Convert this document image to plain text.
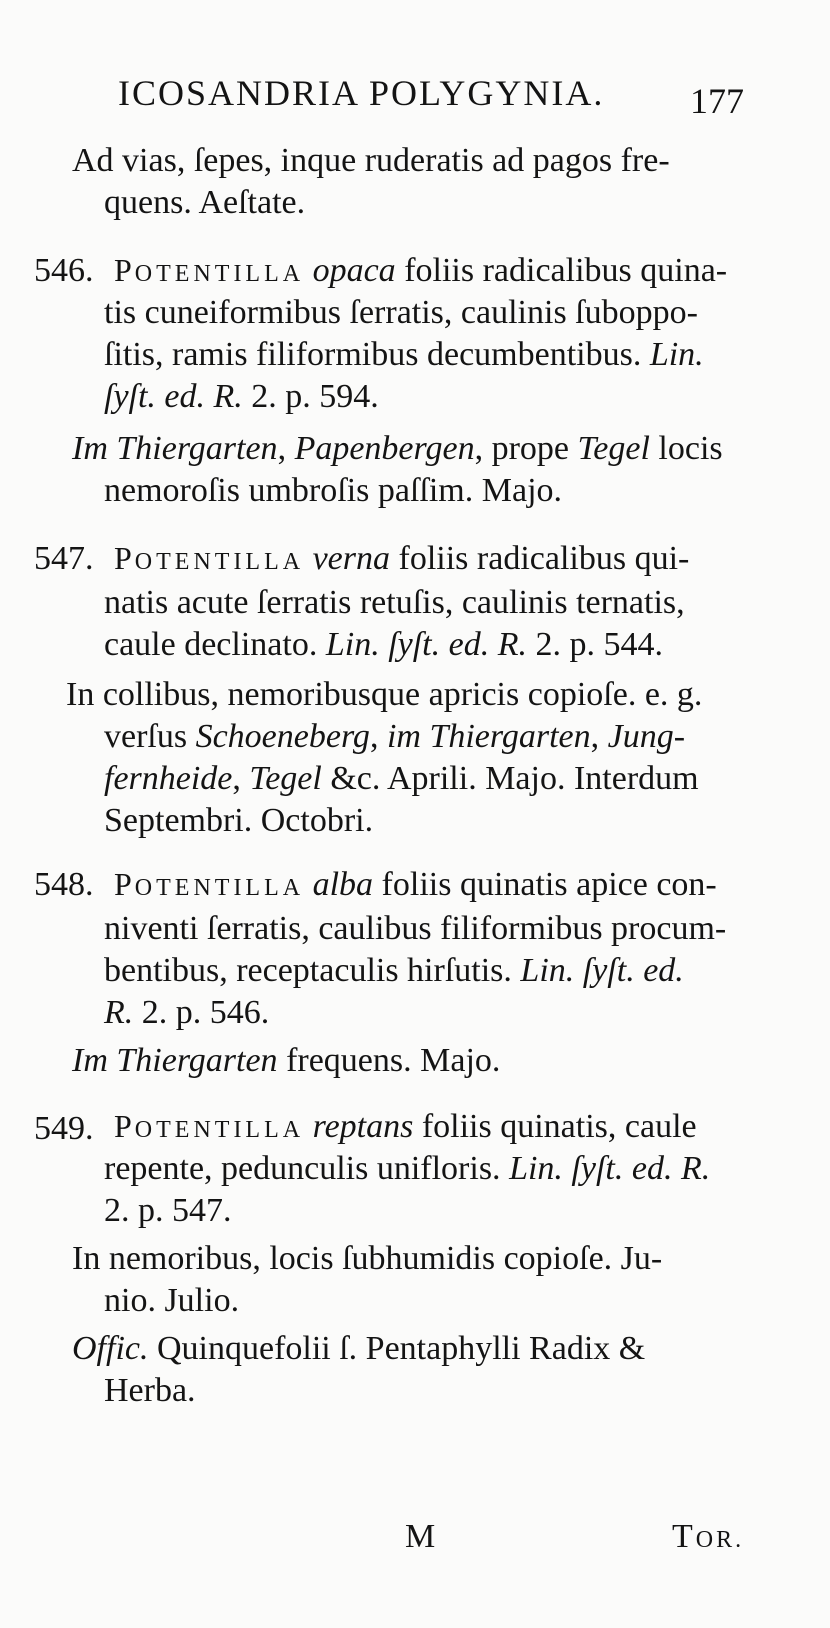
ICOSANDRIA POLYGYNIA. 177
Ad vias, ſepes, inque ruderatis ad pagos fre-
quens. Aeſtate.
546. POTENTILLA opaca foliis radicalibus quina-
tis cuneiformibus ſerratis, caulinis ſuboppo-
ſitis, ramis filiformibus decumbentibus. Lin.
ſyſt. ed. R. 2. p. 594.
Im Thiergarten, Papenbergen, prope Tegel locis
nemoroſis umbroſis paſſim. Majo.
547. POTENTILLA verna foliis radicalibus qui-
natis acute ſerratis retuſis, caulinis ternatis,
caule declinato. Lin. ſyſt. ed. R. 2. p. 544.
In collibus, nemoribusque apricis copioſe. e. g.
verſus Schoeneberg, im Thiergarten, Jung-
fernheide, Tegel &c. Aprili. Majo. Interdum
Septembri. Octobri.
548. POTENTILLA alba foliis quinatis apice con-
niventi ſerratis, caulibus filiformibus procum-
bentibus, receptaculis hirſutis. Lin. ſyſt. ed.
R. 2. p. 546.
Im Thiergarten frequens. Majo.
549. POTENTILLA reptans foliis quinatis, caule
repente, pedunculis unifloris. Lin. ſyſt. ed. R.
2. p. 547.
In nemoribus, locis ſubhumidis copioſe. Ju-
nio. Julio.
Offic. Quinquefolii ſ. Pentaphylli Radix &
Herba.
M	TOR.
